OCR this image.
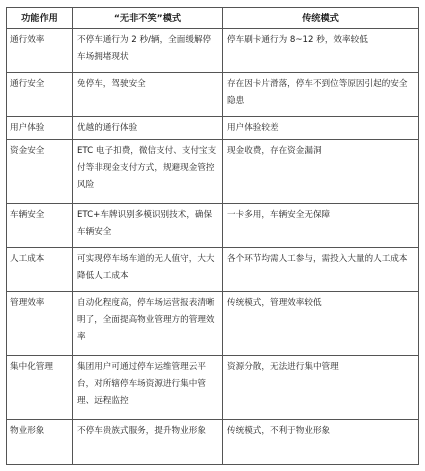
功能作用	“无非不笑”模式	传统模式
通行效率	不停车通行为 2 秒/辆，全面缓解停车场拥堵现状	停车刷卡通行为 8~12 秒，效率较低
通行安全	免停车，驾驶安全	存在因卡片滑落，停车不到位等原因引起的安全隐患
用户体验	优越的通行体验	用户体验较差
资金安全	ETC 电子扣费，微信支付、支付宝支付等非现金支付方式，规避现金管控风险	现金收费，存在资金漏洞
车辆安全	ETC+车牌识别多模识别技术，确保车辆安全	一卡多用，车辆安全无保障
人工成本	可实现停车场车道的无人值守，大大降低人工成本	各个环节均需人工参与，需投入大量的人工成本
管理效率	自动化程度高，停车场运营报表清晰明了，全面提高物业管理方的管理效率	传统模式，管理效率较低
集中化管理	集团用户可通过停车运维管理云平台，对所辖停车场资源进行集中管理、远程监控	资源分散，无法进行集中管理
物业形象	不停车贵族式服务，提升物业形象	传统模式，不利于物业形象
